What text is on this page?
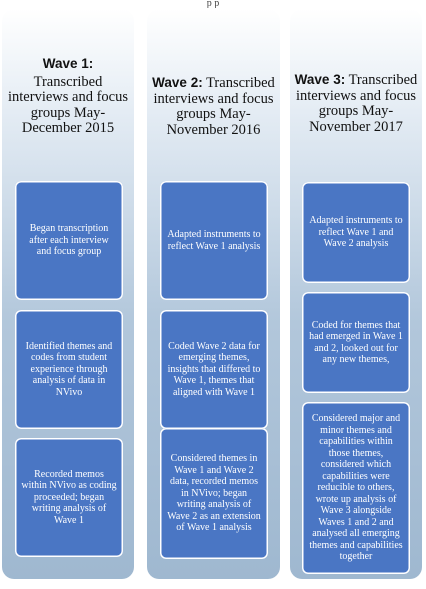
p p
Wave 1:
Transcribed interviews and focus groups May-December 2015
Began transcription after each interview and focus group
Identified themes and codes from student experience through analysis of data in NVivo
Recorded memos within NVivo as coding proceeded; began writing analysis of Wave 1
Wave 2: Transcribed interviews and focus groups May-November 2016
Adapted instruments to reflect Wave 1 analysis
Coded Wave 2 data for emerging themes, insights that differed to Wave 1, themes that aligned with Wave 1
Considered themes in Wave 1 and Wave 2 data, recorded memos in NVivo; began writing analysis of Wave 2 as an extension of Wave 1 analysis
Wave 3: Transcribed interviews and focus groups May-November 2017
Adapted instruments to reflect Wave 1 and Wave 2 analysis
Coded for themes that had emerged in Wave 1 and 2, looked out for any new themes,
Considered major and minor themes and capabilities within those themes, considered which capabilities were reducible to others, wrote up analysis of Wave 3 alongside Waves 1 and 2 and analysed all emerging themes and capabilities together
